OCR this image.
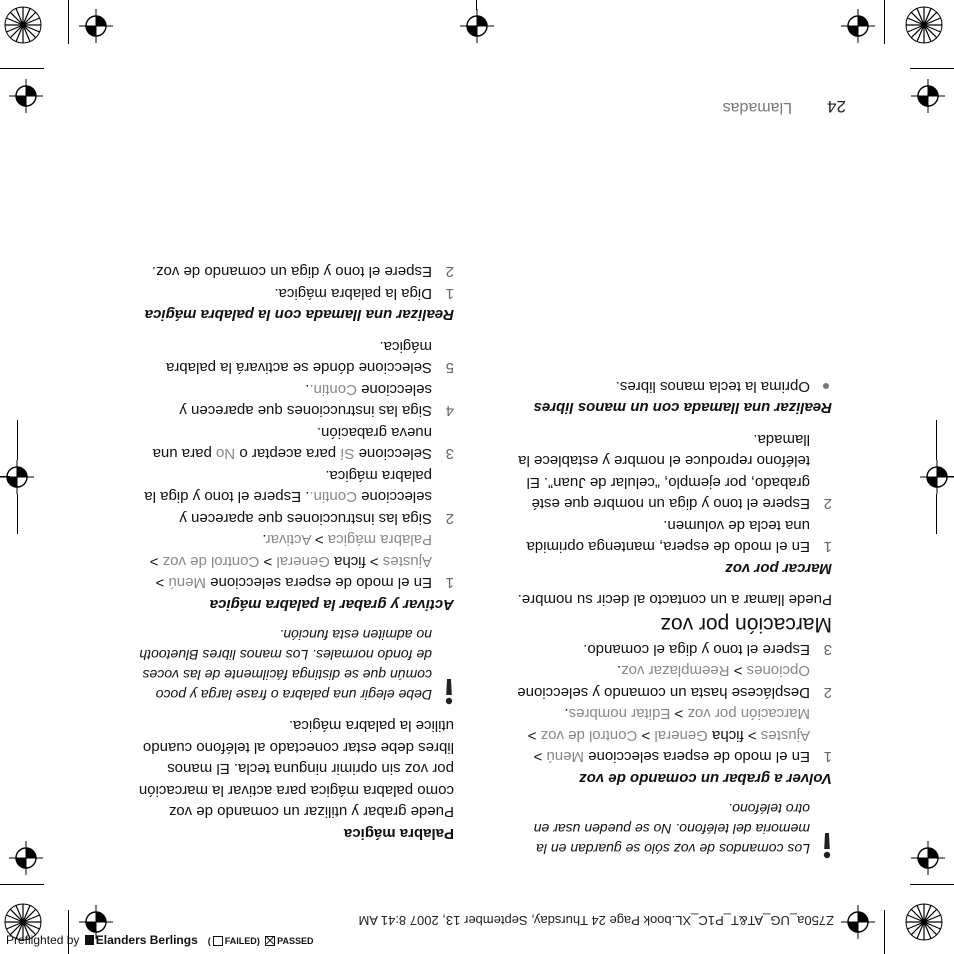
Z750a_UG_AT&T_P1C_XL.book Page 24 Thursday, September 13, 2007 8:41 AM
24
Llamadas

Los comandos de voz sólo se guardan en la memoria del teléfono. No se pueden usar en otro teléfono.

Volver a grabar un comando de voz

1
En el modo de espera seleccione Menú > Ajustes > ficha General > Control de voz > Marcación por voz > Editar nombres.
2
Desplácese hasta un comando y seleccione Opciones > Reemplazar voz.
3
Espere el tono y diga el comando.

Marcación por voz

Puede llamar a un contacto al decir su nombre.

Marcar por voz

1
En el modo de espera, mantenga oprimida una tecla de volumen.
2
Espere el tono y diga un nombre que esté grabado, por ejemplo, “celular de Juan”. El teléfono reproduce el nombre y establece la llamada.

Realizar una llamada con un manos libres

Oprima la tecla manos libres.

Palabra mágica

Puede grabar y utilizar un comando de voz como palabra mágica para activar la marcación por voz sin oprimir ninguna tecla. El manos libres debe estar conectado al teléfono cuando utilice la palabra mágica.

Debe elegir una palabra o frase larga y poco común que se distinga fácilmente de las voces de fondo normales. Los manos libres Bluetooth no admiten esta función.

Activar y grabar la palabra mágica

1
En el modo de espera seleccione Menú > Ajustes > ficha General > Control de voz > Palabra mágica > Activar.
2
Siga las instrucciones que aparecen y seleccione Contin.. Espere el tono y diga la palabra mágica.
3
Seleccione Sí para aceptar o No para una nueva grabación.
4
Siga las instrucciones que aparecen y seleccione Contin..
5
Seleccione dónde se activará la palabra mágica.

Realizar una llamada con la palabra mágica

1
Diga la palabra mágica.
2
Espere el tono y diga un comando de voz.
Preflighted by Elanders Berlings ( FAILED) PASSED
